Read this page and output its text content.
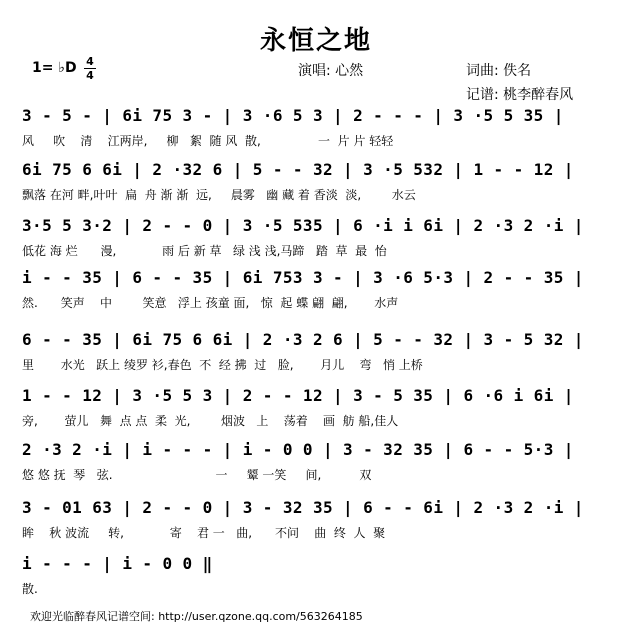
永恒之地
1= ♭D 4
4	演唱: 心然	词曲: 佚名
记谱: 桃李醉春风
3 - 5 - | 6i 75 3 - | 3 ·6 5 3 | 2 - - - | 3 ·5 5 35 |
风     吹    清    江两岸,     柳   絮  随 风  散,               一  片 片 轻轻
6i 75 6 6i | 2 ·32 6 | 5 - - 32 | 3 ·5 532 | 1 - - 12 |
飘落 在河 畔,叶叶  扁  舟 渐 渐  远,     晨雾   幽 藏 着 香淡  淡,        水云
3·5 5 3·2 | 2 - - 0 | 3 ·5 535 | 6 ·i i 6i | 2 ·3 2 ·i |
低花 海 烂      漫,            雨 后 新 草   绿 浅 浅,马蹄   踏  草  最  怡
i - - 35 | 6 - - 35 | 6i 753 3 - | 3 ·6 5·3 | 2 - - 35 |
然.      笑声    中        笑意   浮上 孩童 面,   惊  起 蝶 翩  翩,       水声
6 - - 35 | 6i 75 6 6i | 2 ·3 2 6 | 5 - - 32 | 3 - 5 32 |
里       水光   跃上 绫罗 衫,春色  不  经 拂  过   脸,       月儿    弯   悄 上桥
1 - - 12 | 3 ·5 5 3 | 2 - - 12 | 3 - 5 35 | 6 ·6 i 6i |
旁,       萤儿   舞  点 点  柔  光,        烟波   上    荡着    画  舫 船,佳人
2 ·3 2 ·i | i - - - | i - 0 0 | 3 - 32 35 | 6 - - 5·3 |
悠 悠 抚  琴   弦.                           一     颦 一笑     间,          双
3 - 01 63 | 2 - - 0 | 3 - 32 35 | 6 - - 6i | 2 ·3 2 ·i |
眸    秋 波流     转,            寄    君 一   曲,      不问    曲  终  人  聚
i - - - | i - 0 0 ‖
散.
欢迎光临醉春风记谱空间: http://user.qzone.qq.com/563264185
